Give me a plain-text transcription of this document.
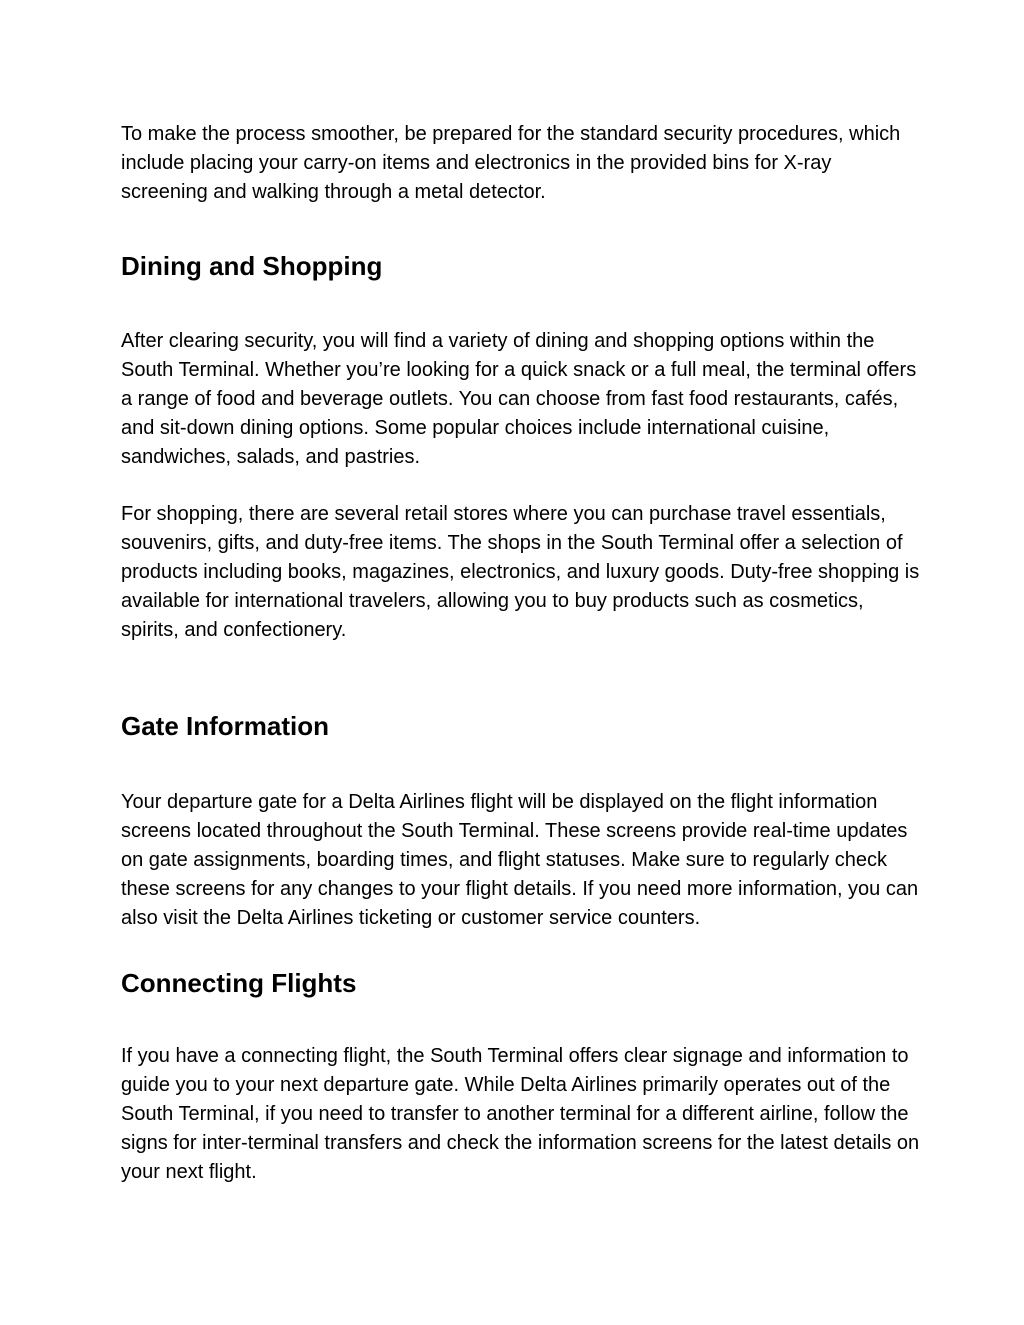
To make the process smoother, be prepared for the standard security procedures, which include placing your carry-on items and electronics in the provided bins for X-ray screening and walking through a metal detector.

Dining and Shopping

After clearing security, you will find a variety of dining and shopping options within the South Terminal. Whether you’re looking for a quick snack or a full meal, the terminal offers a range of food and beverage outlets. You can choose from fast food restaurants, cafés, and sit-down dining options. Some popular choices include international cuisine, sandwiches, salads, and pastries.

For shopping, there are several retail stores where you can purchase travel essentials, souvenirs, gifts, and duty-free items. The shops in the South Terminal offer a selection of products including books, magazines, electronics, and luxury goods. Duty-free shopping is available for international travelers, allowing you to buy products such as cosmetics, spirits, and confectionery.

Gate Information

Your departure gate for a Delta Airlines flight will be displayed on the flight information screens located throughout the South Terminal. These screens provide real-time updates on gate assignments, boarding times, and flight statuses. Make sure to regularly check these screens for any changes to your flight details. If you need more information, you can also visit the Delta Airlines ticketing or customer service counters.

Connecting Flights

If you have a connecting flight, the South Terminal offers clear signage and information to guide you to your next departure gate. While Delta Airlines primarily operates out of the South Terminal, if you need to transfer to another terminal for a different airline, follow the signs for inter-terminal transfers and check the information screens for the latest details on your next flight.
